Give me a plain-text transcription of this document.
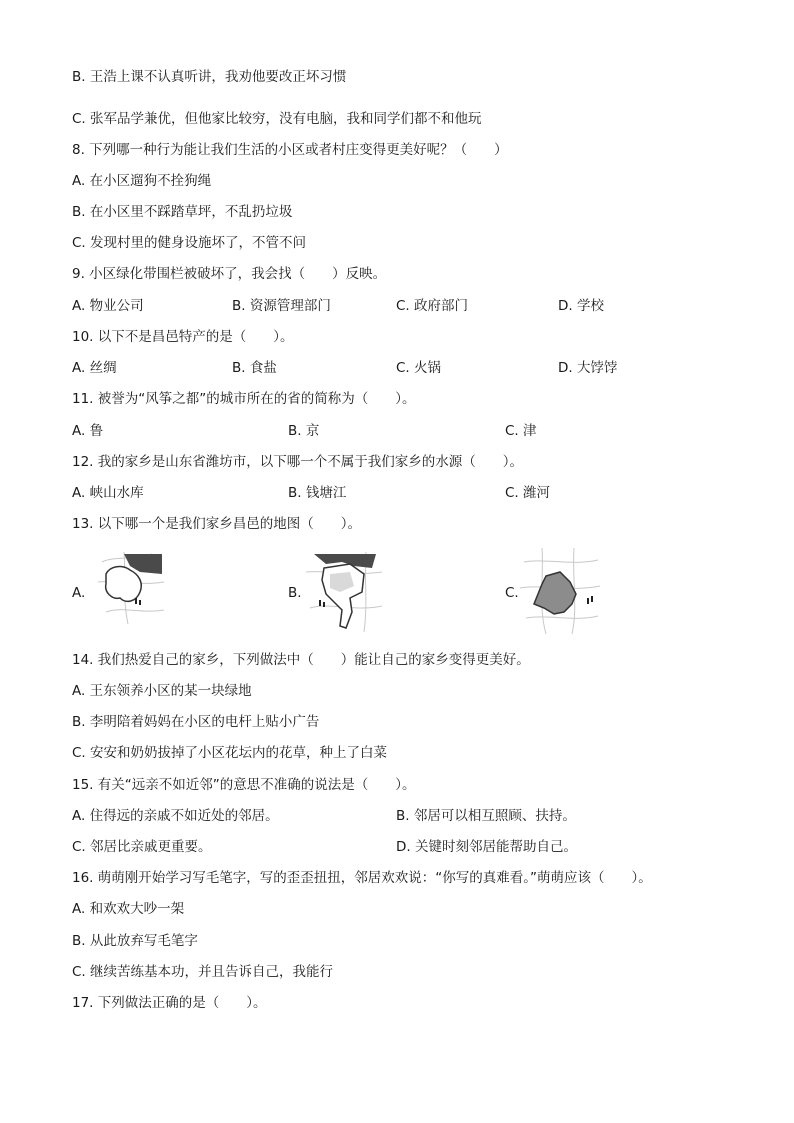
B. 王浩上课不认真听讲，我劝他要改正坏习惯
C. 张军品学兼优，但他家比较穷，没有电脑，我和同学们都不和他玩
8. 下列哪一种行为能让我们生活的小区或者村庄变得更美好呢？（　　）
A. 在小区遛狗不拴狗绳
B. 在小区里不踩踏草坪，不乱扔垃圾
C. 发现村里的健身设施坏了，不管不问
9. 小区绿化带围栏被破坏了，我会找（　　）反映。
A. 物业公司	B. 资源管理部门	C. 政府部门	D. 学校
10. 以下不是昌邑特产的是（　　）。
A. 丝绸	B. 食盐	C. 火锅	D. 大饽饽
11. 被誉为“风筝之都”的城市所在的省的简称为（　　）。
A. 鲁	B. 京	C. 津
12. 我的家乡是山东省潍坊市，以下哪一个不属于我们家乡的水源（　　）。
A. 峡山水库	B. 钱塘江	C. 潍河
13. 以下哪一个是我们家乡昌邑的地图（　　）。
A.	B.	C.
14. 我们热爱自己的家乡，下列做法中（　　）能让自己的家乡变得更美好。
A. 王东领养小区的某一块绿地
B. 李明陪着妈妈在小区的电杆上贴小广告
C. 安安和奶奶拔掉了小区花坛内的花草，种上了白菜
15. 有关“远亲不如近邻”的意思不准确的说法是（　　）。
A. 住得远的亲戚不如近处的邻居。	B. 邻居可以相互照顾、扶持。
C. 邻居比亲戚更重要。	D. 关键时刻邻居能帮助自己。
16. 萌萌刚开始学习写毛笔字，写的歪歪扭扭，邻居欢欢说：“你写的真难看。”萌萌应该（　　）。
A. 和欢欢大吵一架
B. 从此放弃写毛笔字
C. 继续苦练基本功，并且告诉自己，我能行
17. 下列做法正确的是（　　）。
